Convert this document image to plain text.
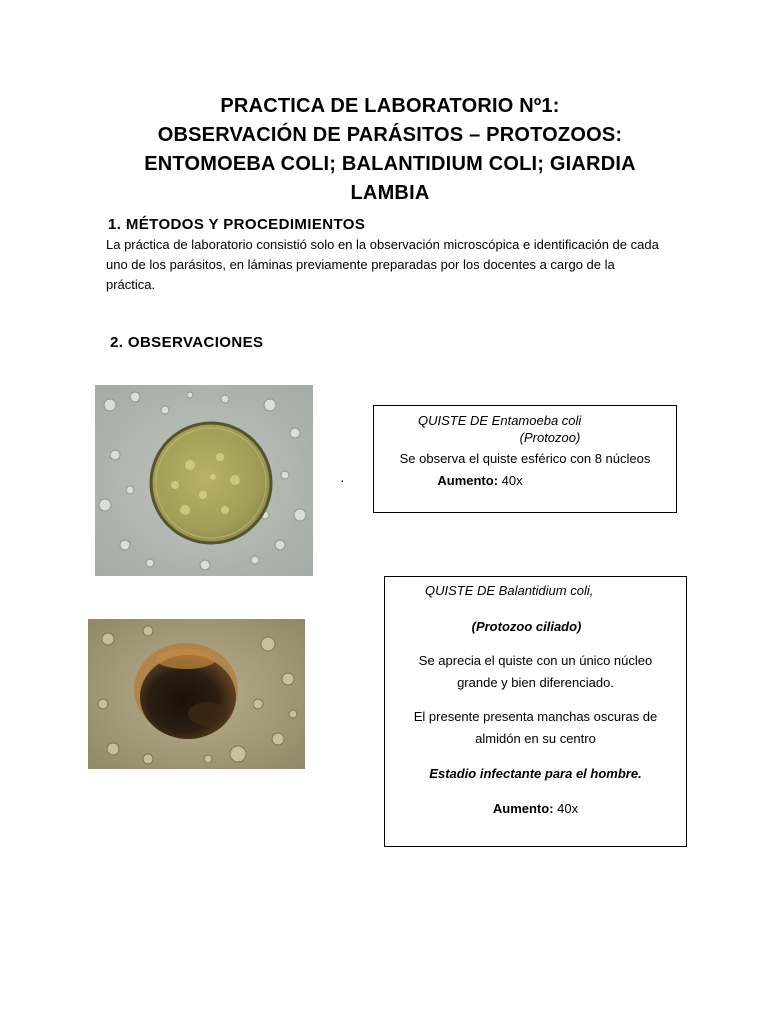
PRACTICA DE LABORATORIO Nº1:
OBSERVACIÓN DE PARÁSITOS – PROTOZOOS:
ENTOMOEBA COLI; BALANTIDIUM COLI; GIARDIA
LAMBIA
1. MÉTODOS Y PROCEDIMIENTOS
La práctica de laboratorio consistió solo en la observación microscópica e identificación de cada uno de los parásitos, en láminas previamente preparadas por los docentes a cargo de la práctica.
2. OBSERVACIONES
·
QUISTE DE Entamoeba coli
(Protozoo)
Se observa el quiste esférico con 8 núcleos
Aumento: 40x
QUISTE DE Balantidium coli,
(Protozoo ciliado)
Se aprecia el quiste con un único núcleo
grande y bien diferenciado.
El presente presenta manchas oscuras de
almidón en su centro
Estadio infectante para el hombre.
Aumento: 40x
